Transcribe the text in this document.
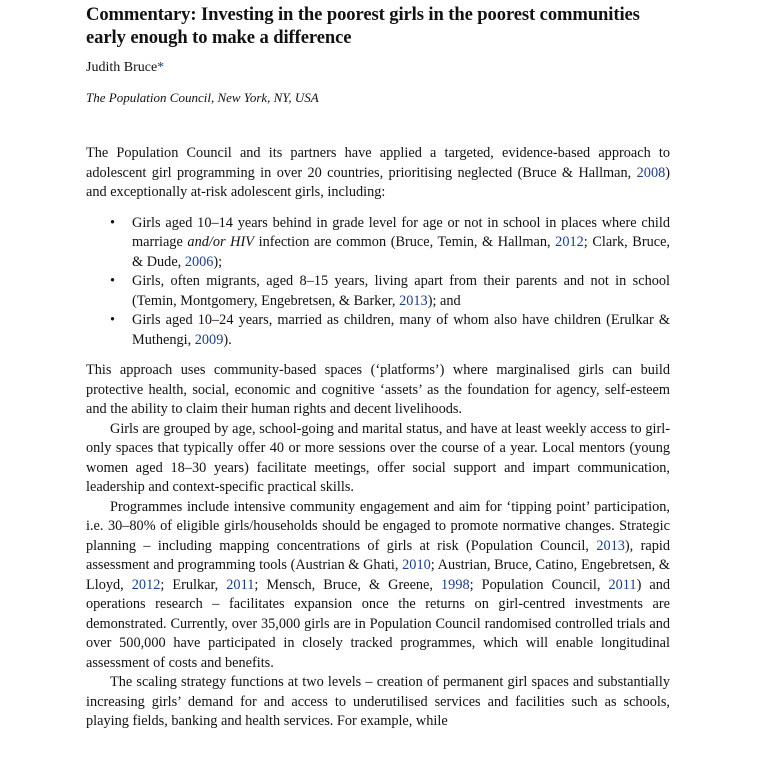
Commentary: Investing in the poorest girls in the poorest communities early enough to make a difference
Judith Bruce*
The Population Council, New York, NY, USA

The Population Council and its partners have applied a targeted, evidence-based approach to adolescent girl programming in over 20 countries, prioritising neglected (Bruce & Hallman, 2008) and exceptionally at-risk adolescent girls, including:

• Girls aged 10–14 years behind in grade level for age or not in school in places where child marriage and/or HIV infection are common (Bruce, Temin, & Hallman, 2012; Clark, Bruce, & Dude, 2006);
• Girls, often migrants, aged 8–15 years, living apart from their parents and not in school (Temin, Montgomery, Engebretsen, & Barker, 2013); and
• Girls aged 10–24 years, married as children, many of whom also have children (Erulkar & Muthengi, 2009).

This approach uses community-based spaces (‘platforms’) where marginalised girls can build protective health, social, economic and cognitive ‘assets’ as the foundation for agency, self-esteem and the ability to claim their human rights and decent livelihoods.

Girls are grouped by age, school-going and marital status, and have at least weekly access to girl-only spaces that typically offer 40 or more sessions over the course of a year. Local mentors (young women aged 18–30 years) facilitate meetings, offer social support and impart communication, leadership and context-specific practical skills.

Programmes include intensive community engagement and aim for ‘tipping point’ participation, i.e. 30–80% of eligible girls/households should be engaged to promote normative changes. Strategic planning – including mapping concentrations of girls at risk (Population Council, 2013), rapid assessment and programming tools (Austrian & Ghati, 2010; Austrian, Bruce, Catino, Engebretsen, & Lloyd, 2012; Erulkar, 2011; Mensch, Bruce, & Greene, 1998; Population Council, 2011) and operations research – facilitates expansion once the returns on girl-centred investments are demonstrated. Currently, over 35,000 girls are in Population Council randomised controlled trials and over 500,000 have participated in closely tracked programmes, which will enable longitudinal assessment of costs and benefits.

The scaling strategy functions at two levels – creation of permanent girl spaces and substantially increasing girls’ demand for and access to underutilised services and facilities such as schools, playing fields, banking and health services. For example, while
